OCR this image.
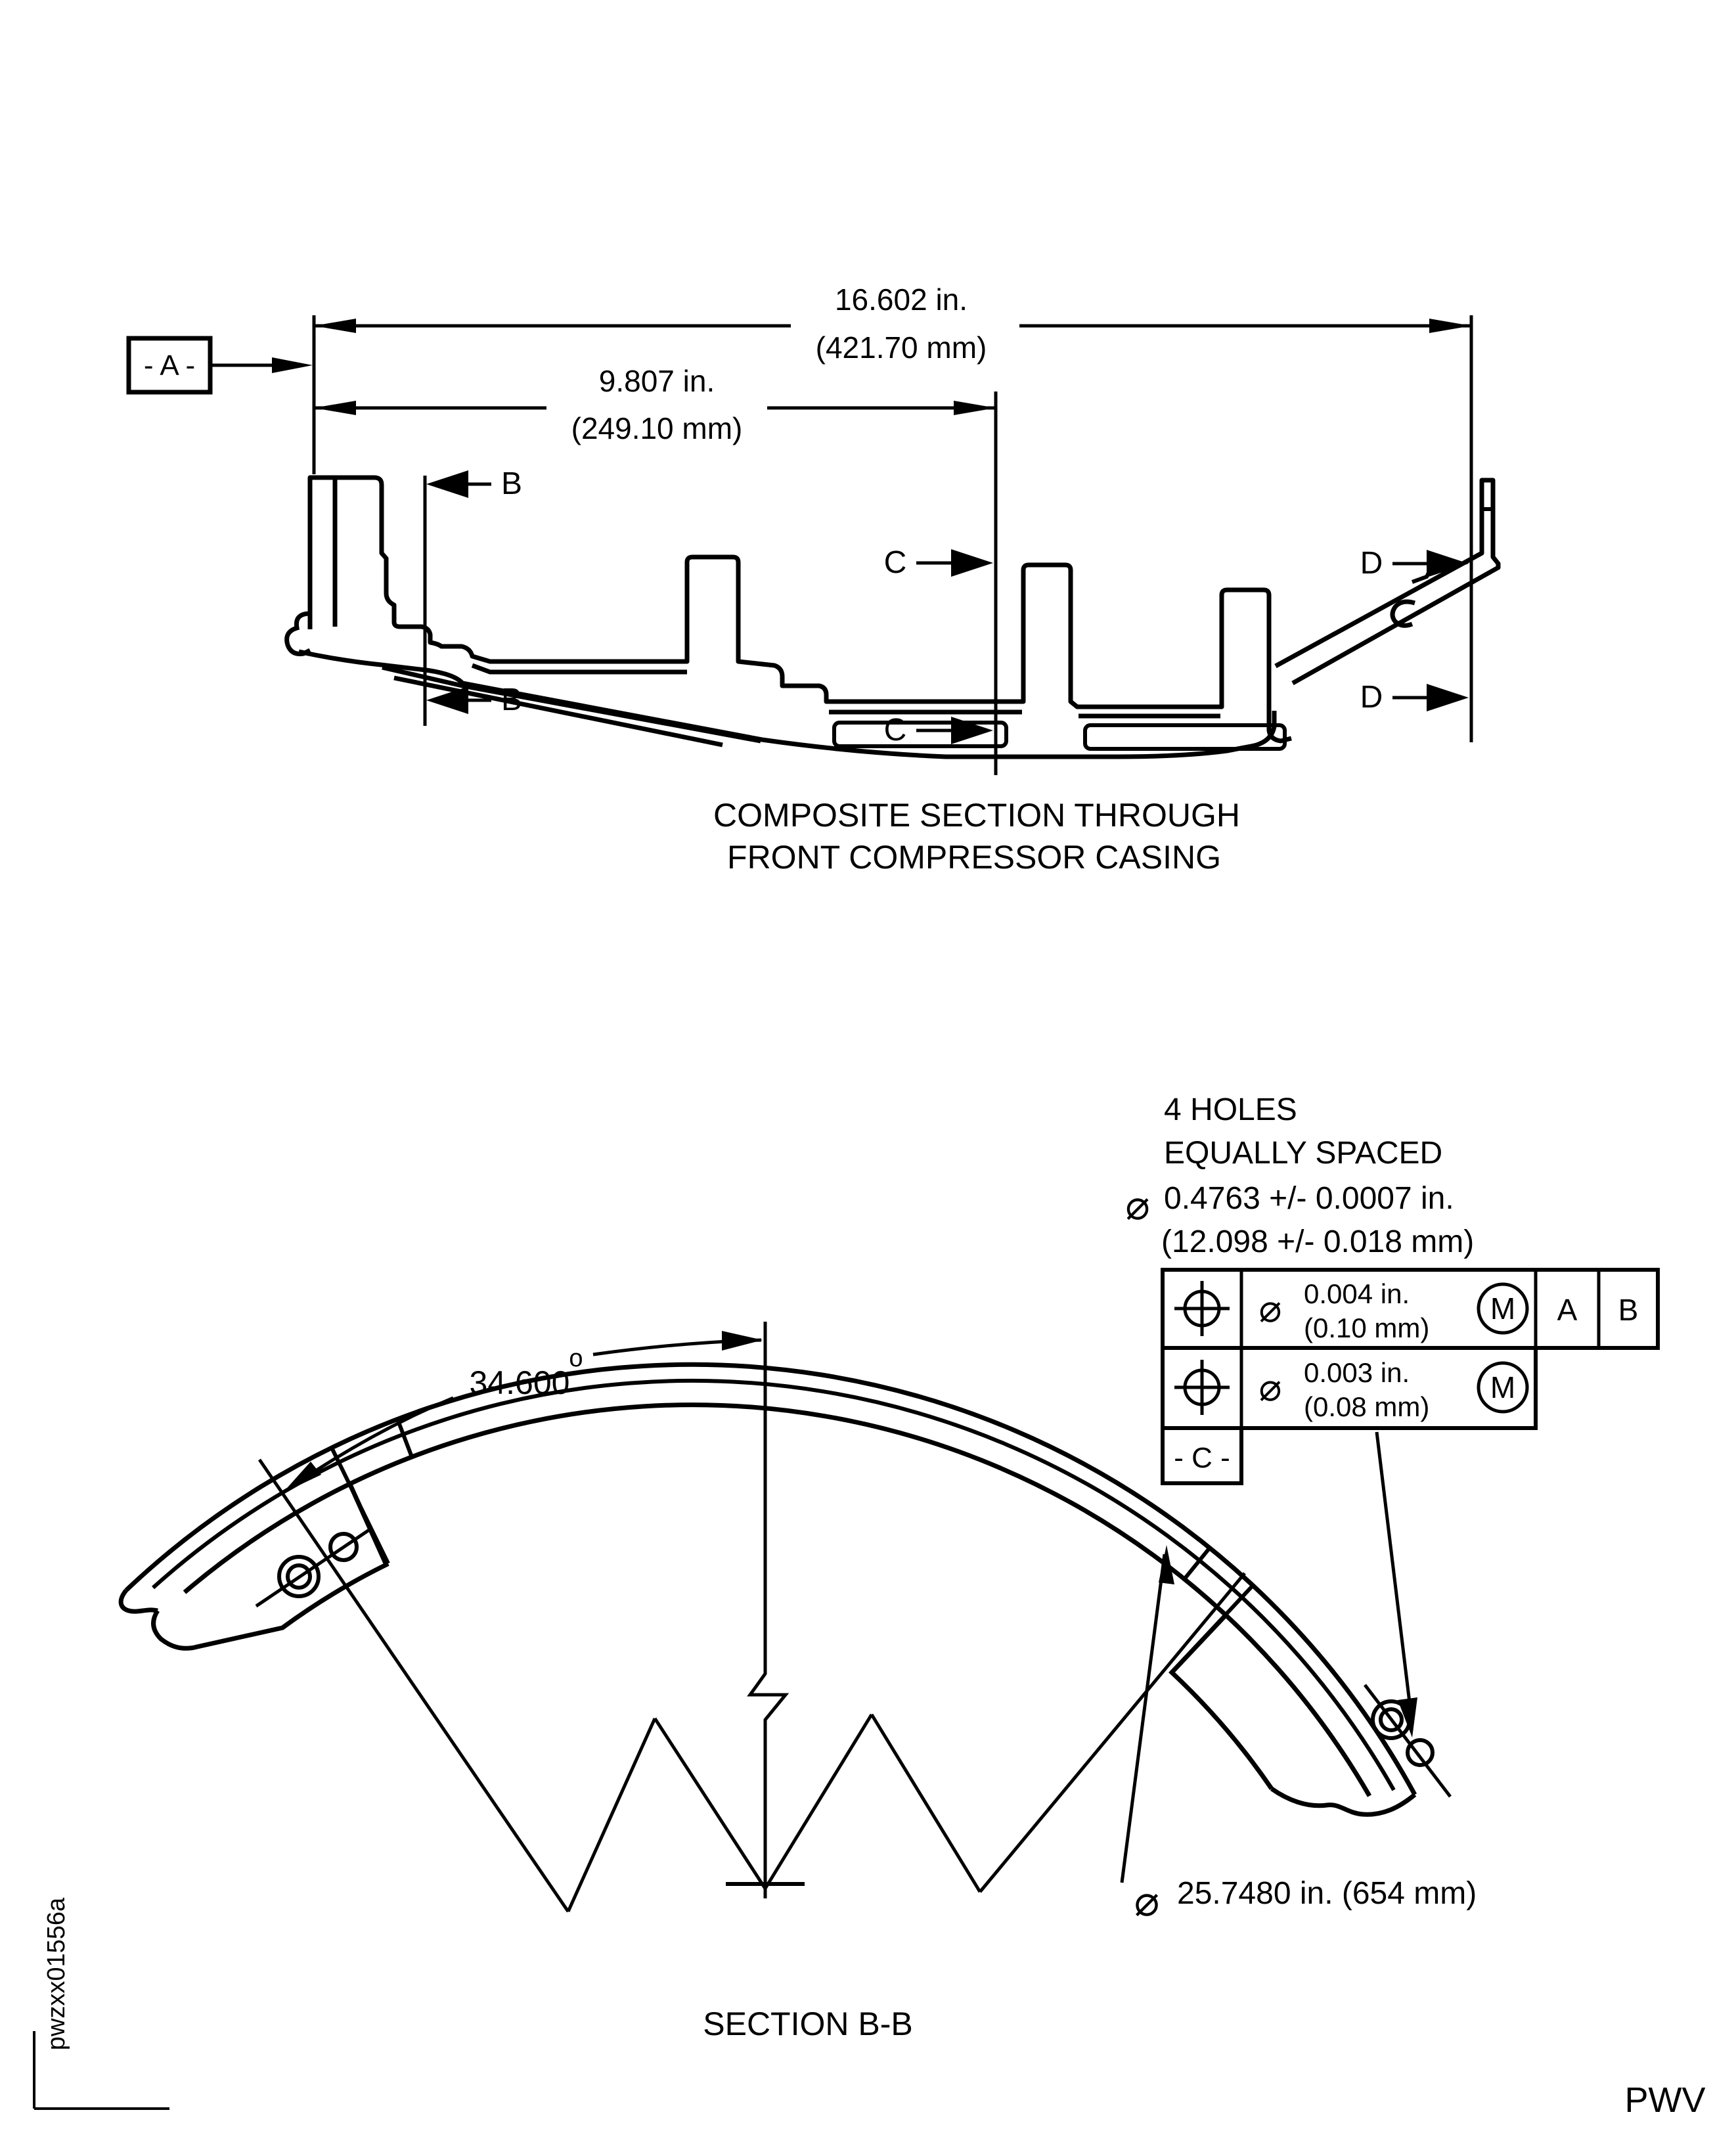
16.602 in.
(421.70 mm)
9.807 in.
(249.10 mm)
- A -
B
B
C
C
D
D
COMPOSITE SECTION THROUGH
FRONT COMPRESSOR CASING
34.600
o
4 HOLES
EQUALLY SPACED
⌀ 0.4763 +/- 0.0007 in.
(12.098 +/- 0.018 mm)
⌀ 0.004 in.
(0.10 mm)
M A B
⌀ 0.003 in.
(0.08 mm)
M
- C -
⌀ 25.7480 in. (654 mm)
SECTION B-B
pwzxx01556a
PWV
